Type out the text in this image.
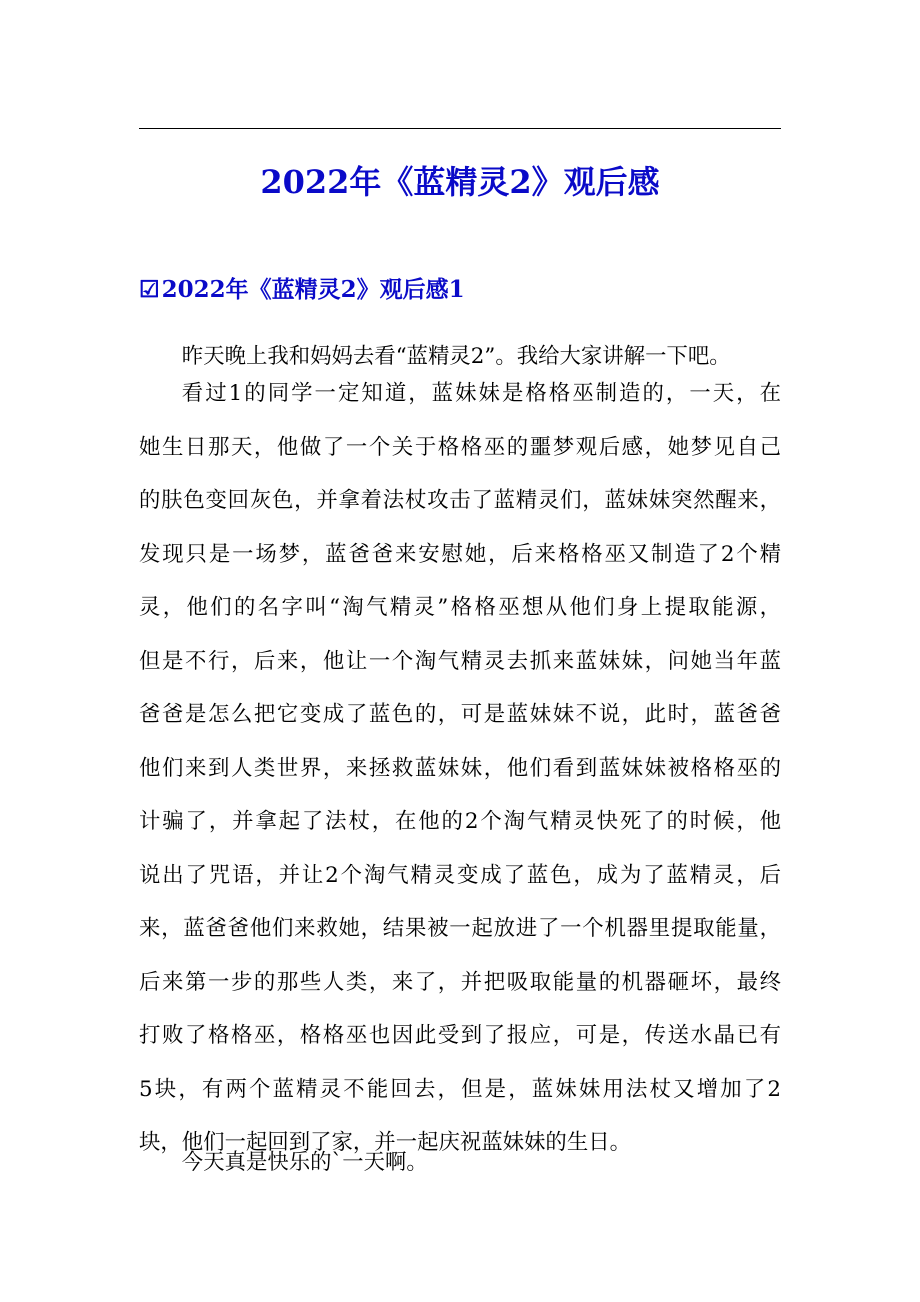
2022年《蓝精灵2》观后感
☑2022年《蓝精灵2》观后感1

昨天晚上我和妈妈去看“蓝精灵2”。我给大家讲解一下吧。

看过1的同学一定知道，蓝妹妹是格格巫制造的，一天，在
她生日那天，他做了一个关于格格巫的噩梦观后感，她梦见自己
的肤色变回灰色，并拿着法杖攻击了蓝精灵们，蓝妹妹突然醒来，
发现只是一场梦，蓝爸爸来安慰她，后来格格巫又制造了2个精
灵，他们的名字叫“淘气精灵”格格巫想从他们身上提取能源，
但是不行，后来，他让一个淘气精灵去抓来蓝妹妹，问她当年蓝
爸爸是怎么把它变成了蓝色的，可是蓝妹妹不说，此时，蓝爸爸
他们来到人类世界，来拯救蓝妹妹，他们看到蓝妹妹被格格巫的
计骗了，并拿起了法杖，在他的2个淘气精灵快死了的时候，他
说出了咒语，并让2个淘气精灵变成了蓝色，成为了蓝精灵，后
来，蓝爸爸他们来救她，结果被一起放进了一个机器里提取能量，
后来第一步的那些人类，来了，并把吸取能量的机器砸坏，最终
打败了格格巫，格格巫也因此受到了报应，可是，传送水晶已有
5块，有两个蓝精灵不能回去，但是，蓝妹妹用法杖又增加了2
块，他们一起回到了家，并一起庆祝蓝妹妹的生日。

今天真是快乐的`一天啊。
